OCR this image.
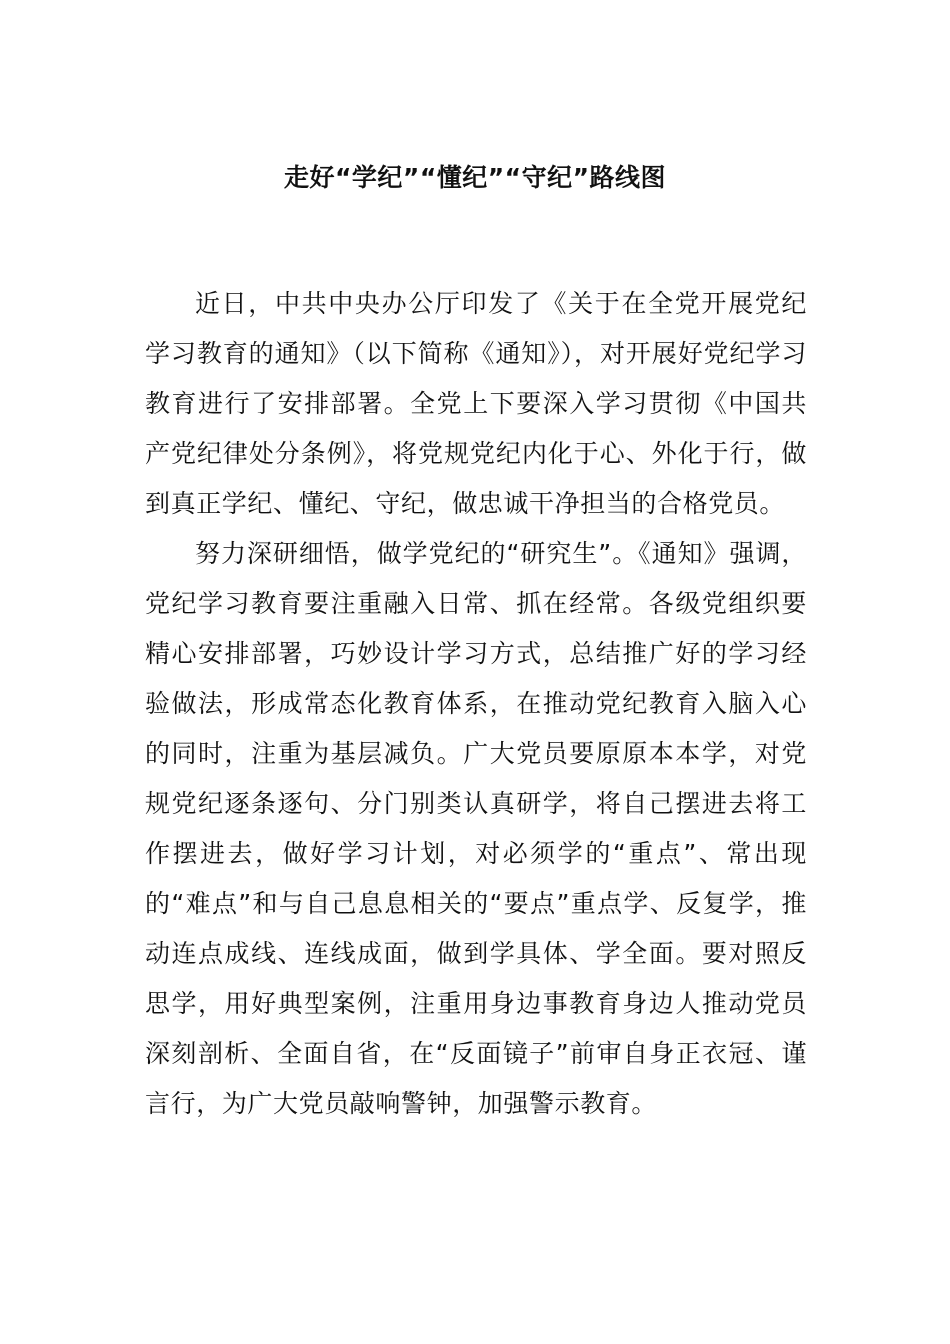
走好“学纪”“懂纪”“守纪”路线图

近日，中共中央办公厅印发了《关于在全党开展党纪学习教育的通知》（以下简称《通知》），对开展好党纪学习教育进行了安排部署。全党上下要深入学习贯彻《中国共产党纪律处分条例》，将党规党纪内化于心、外化于行，做到真正学纪、懂纪、守纪，做忠诚干净担当的合格党员。

努力深研细悟，做学党纪的“研究生”。《通知》强调，党纪学习教育要注重融入日常、抓在经常。各级党组织要精心安排部署，巧妙设计学习方式，总结推广好的学习经验做法，形成常态化教育体系，在推动党纪教育入脑入心的同时，注重为基层减负。广大党员要原原本本学，对党规党纪逐条逐句、分门别类认真研学，将自己摆进去将工作摆进去，做好学习计划，对必须学的“重点”、常出现的“难点”和与自己息息相关的“要点”重点学、反复学，推动连点成线、连线成面，做到学具体、学全面。要对照反思学，用好典型案例，注重用身边事教育身边人推动党员深刻剖析、全面自省，在“反面镜子”前审自身正衣冠、谨言行，为广大党员敲响警钟，加强警示教育。
